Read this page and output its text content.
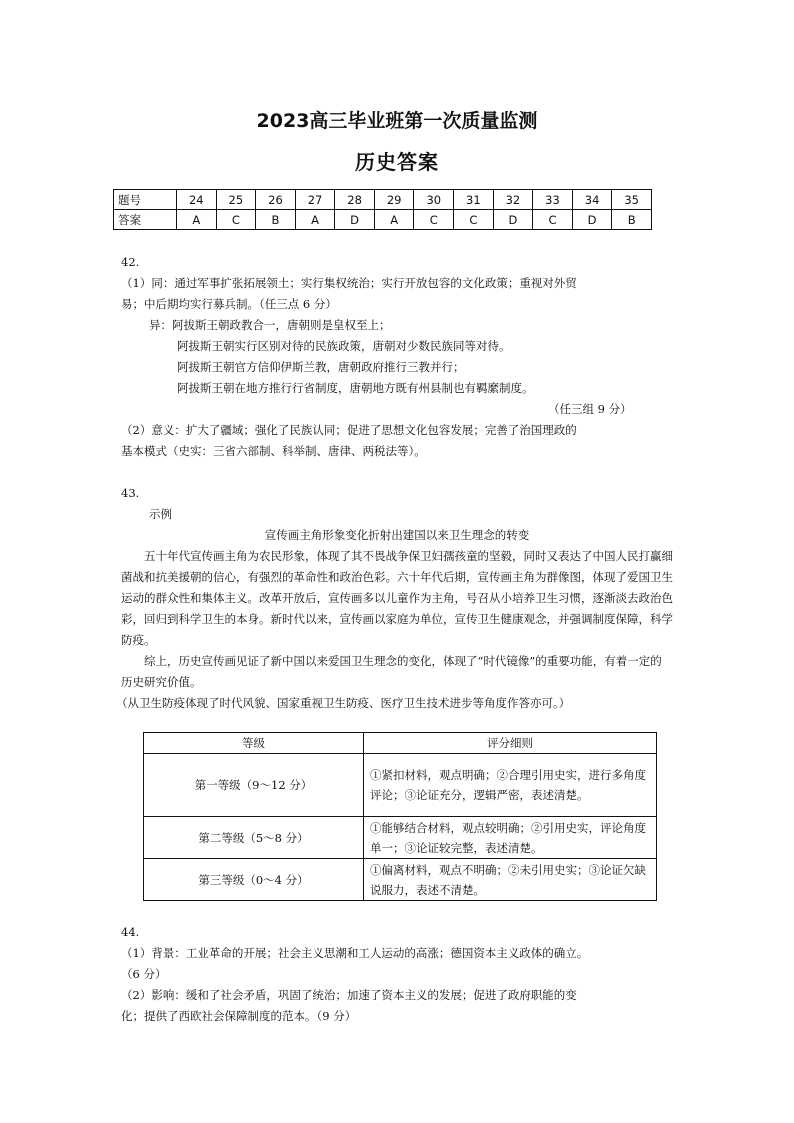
2023高三毕业班第一次质量监测
历史答案
题号	24	25	26	27	28	29	30	31	32	33	34	35
答案	A	C	B	A	D	A	C	C	D	C	D	B
42.
（1）同：通过军事扩张拓展领土；实行集权统治；实行开放包容的文化政策；重视对外贸
易；中后期均实行募兵制。（任三点 6 分）
异：阿拔斯王朝政教合一，唐朝则是皇权至上；
阿拔斯王朝实行区别对待的民族政策，唐朝对少数民族同等对待。
阿拔斯王朝官方信仰伊斯兰教，唐朝政府推行三教并行；
阿拔斯王朝在地方推行行省制度，唐朝地方既有州县制也有羁縻制度。
（任三组 9 分）
（2）意义：扩大了疆域；强化了民族认同；促进了思想文化包容发展；完善了治国理政的
基本模式（史实：三省六部制、科举制、唐律、两税法等）。
43.
示例
宣传画主角形象变化折射出建国以来卫生理念的转变
五十年代宣传画主角为农民形象，体现了其不畏战争保卫妇孺孩童的坚毅，同时又表达了中国人民打赢细菌战和抗美援朝的信心，有强烈的革命性和政治色彩。六十年代后期，宣传画主角为群像图，体现了爱国卫生运动的群众性和集体主义。改革开放后，宣传画多以儿童作为主角，号召从小培养卫生习惯，逐渐淡去政治色彩，回归到科学卫生的本身。新时代以来，宣传画以家庭为单位，宣传卫生健康观念，并强调制度保障，科学防疫。
综上，历史宣传画见证了新中国以来爱国卫生理念的变化，体现了“时代镜像”的重要功能，有着一定的历史研究价值。
（从卫生防疫体现了时代风貌、国家重视卫生防疫、医疗卫生技术进步等角度作答亦可。）
等级	评分细则
第一等级（9～12 分）	①紧扣材料，观点明确；②合理引用史实，进行多角度评论；③论证充分，逻辑严密，表述清楚。
第二等级（5～8 分）	①能够结合材料，观点较明确；②引用史实，评论角度单一；③论证较完整，表述清楚。
第三等级（0～4 分）	①偏离材料，观点不明确；②未引用史实；③论证欠缺说服力，表述不清楚。
44.
（1）背景：工业革命的开展；社会主义思潮和工人运动的高涨；德国资本主义政体的确立。
（6 分）
（2）影响：缓和了社会矛盾，巩固了统治；加速了资本主义的发展；促进了政府职能的变
化；提供了西欧社会保障制度的范本。（9 分）
